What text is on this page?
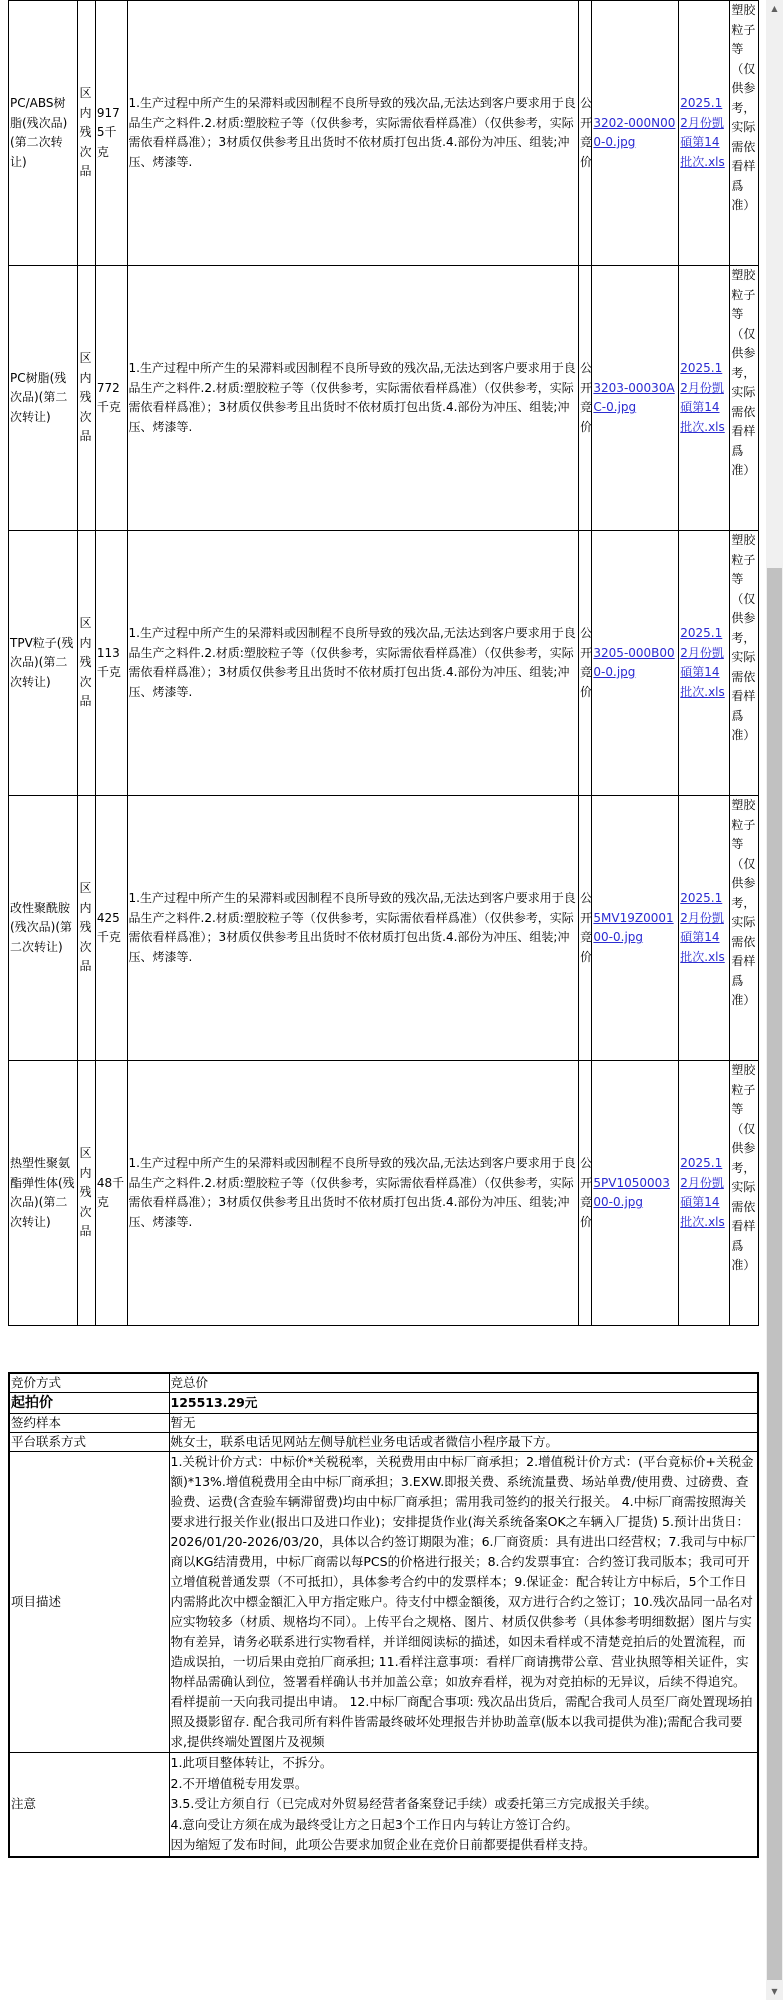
PC/ABS树脂(残次品)(第二次转让)	区内残次品	9175千克	1.生产过程中所产生的呆滞料或因制程不良所导致的残次品,无法达到客户要求用于良品生产之料件.2.材质:塑胶粒子等（仅供参考，实际需依看样爲准）（仅供参考，实际需依看样爲准）；3材质仅供参考且出货时不依材质打包出货.4.部份为冲压、组装;冲压、烤漆等.	公开竞价	3202-000N000-0.jpg	2025.12月份凱碩第14批次.xls	塑胶粒子等（仅供参考，实际需依看样爲准）
PC树脂(残次品)(第二次转让)	区内残次品	772千克	1.生产过程中所产生的呆滞料或因制程不良所导致的残次品,无法达到客户要求用于良品生产之料件.2.材质:塑胶粒子等（仅供参考，实际需依看样爲准）（仅供参考，实际需依看样爲准）；3材质仅供参考且出货时不依材质打包出货.4.部份为冲压、组装;冲压、烤漆等.	公开竞价	3203-00030AC-0.jpg	2025.12月份凱碩第14批次.xls	塑胶粒子等（仅供参考，实际需依看样爲准）
TPV粒子(残次品)(第二次转让)	区内残次品	113千克	1.生产过程中所产生的呆滞料或因制程不良所导致的残次品,无法达到客户要求用于良品生产之料件.2.材质:塑胶粒子等（仅供参考，实际需依看样爲准）（仅供参考，实际需依看样爲准）；3材质仅供参考且出货时不依材质打包出货.4.部份为冲压、组装;冲压、烤漆等.	公开竞价	3205-000B000-0.jpg	2025.12月份凱碩第14批次.xls	塑胶粒子等（仅供参考，实际需依看样爲准）
改性聚酰胺(残次品)(第二次转让)	区内残次品	425千克	1.生产过程中所产生的呆滞料或因制程不良所导致的残次品,无法达到客户要求用于良品生产之料件.2.材质:塑胶粒子等（仅供参考，实际需依看样爲准）（仅供参考，实际需依看样爲准）；3材质仅供参考且出货时不依材质打包出货.4.部份为冲压、组装;冲压、烤漆等.	公开竞价	5MV19Z000100-0.jpg	2025.12月份凱碩第14批次.xls	塑胶粒子等（仅供参考，实际需依看样爲准）
热塑性聚氨酯弹性体(残次品)(第二次转让)	区内残次品	48千克	1.生产过程中所产生的呆滞料或因制程不良所导致的残次品,无法达到客户要求用于良品生产之料件.2.材质:塑胶粒子等（仅供参考，实际需依看样爲准）（仅供参考，实际需依看样爲准）；3材质仅供参考且出货时不依材质打包出货.4.部份为冲压、组装;冲压、烤漆等.	公开竞价	5PV105000300-0.jpg	2025.12月份凱碩第14批次.xls	塑胶粒子等（仅供参考，实际需依看样爲准）
竞价方式	竞总价
起拍价	125513.29元
签约样本	暂无
平台联系方式	姚女士，联系电话见网站左侧导航栏业务电话或者微信小程序最下方。
项目描述	1.关税计价方式：中标价*关税税率，关税费用由中标厂商承担；2.增值税计价方式：(平台竟标价+关税金额)*13%.增值税费用全由中标厂商承担；3.EXW.即报关费、系统流量费、场站单费/使用费、过磅费、查验费、运费(含查验车辆滞留费)均由中标厂商承担；需用我司签约的报关行报关。 4.中标厂商需按照海关要求进行报关作业(报出口及进口作业)；安排提货作业(海关系统备案OK之车辆入厂提货) 5.预计出货日：2026/01/20-2026/03/20，具体以合约签订期限为准；6.厂商资质：具有进出口经营权；7.我司与中标厂商以KG结清费用，中标厂商需以每PCS的价格进行报关；8.合约发票事宜：合约签订我司版本；我司可开立增值税普通发票（不可抵扣），具体参考合约中的发票样本；9.保证金：配合转让方中标后，5个工作日内需將此次中標金額汇入甲方指定账户。待支付中標金額後，双方进行合约之签订；10.残次品同一品名对应实物较多（材质、规格均不同）。上传平台之规格、图片、材质仅供参考（具体参考明细数据）图片与实物有差异，请务必联系进行实物看样，并详细阅读标的描述，如因未看样或不清楚竞拍后的处置流程，而造成误拍，一切后果由竞拍厂商承担; 11.看样注意事项：看样厂商请携带公章、营业执照等相关证件，实物样品需确认到位，签署看样确认书并加盖公章；如放弃看样，视为对竞拍标的无异议，后续不得追究。看样提前一天向我司提出申请。 12.中标厂商配合事项: 残次品出货后，需配合我司人员至厂商处置现场拍照及摄影留存. 配合我司所有料件皆需最终破坏处理报告并协助盖章(版本以我司提供为准);需配合我司要求,提供终端处置图片及视频
注意	1.此项目整体转让，不拆分。
2.不开增值税专用发票。
3.5.受让方须自行（已完成对外贸易经营者备案登记手续）或委托第三方完成报关手续。
4.意向受让方须在成为最终受让方之日起3个工作日内与转让方签订合约。
因为缩短了发布时间，此项公告要求加贸企业在竞价日前都要提供看样支持。
▲
▼
